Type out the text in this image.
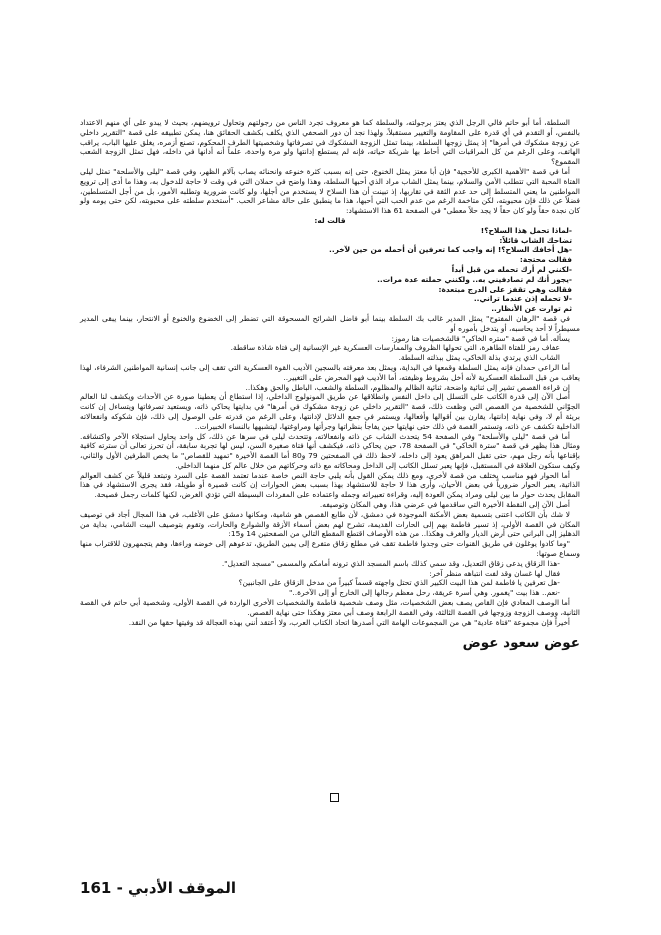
السلطة، أما أبو حاتم فالي الرجل الذي يعتز برجولته، والسلطة كما هو معروف تجرد الناس من رجولتهم وتحاول ترويضهم، بحيث لا يبدو على أي منهم الاعتداد بالنفس، أو التقدم في أي قدرة على المقاومة والتغيير مستقبلاً، ولهذا نجد أن دور الصحفي الذي يكلف بكشف الحقائق هنا، يمكن تطبيقه على قصة "التقرير داخلي عن زوجة مشكوك في أمرها" إذ يمثل زوجها السلطة، بينما تمثل الزوجة المشكوك في تصرفاتها وشخصيتها الطرف المحكوم، تصنع أزمره، يغلق عليها الباب، يراقب الهاتف، وعلى الرغم من كل المراقبات التي أحاط بها شريكة حياته، فإنه لم يستطع إدانتها ولو مرة واحدة، علماً أنه أدانها في داخله، فهل تمثل الزوجة الشعب المقموع؟

أما في قصة "الأهمية الكبرى للأحجية" فإن أبا معتز يمثل الخنوع، حتى إنه بسبب كثرة خنوعه وانحنائه يصاب بآلام الظهر، وفي قصة "ليلى والأسلحة" تمثل ليلى الفتاة المحبة التي تتطلب الأمن والسلام، بينما يمثل الشاب مراد الذي أحبها السلطة، وهذا واضح في حملان التي في وقت لا حاجة للدخول به، وهذا ما أدى إلى ترويع المواطنين ما يعني المتسلط إلى حد عدم الثقة في تقاربها، إذ تبينت أن هذا السلاح لا يستخدم من أجلها، ولو كانت ضرورية وتطلبه الأمور، بل من أجل المتسلطين، فضلاً عن ذلك فإن محبوبته، لكن متاخمة الرغم من عدم الحب التي أحبها، هذا ما ينطبق على حالة مشاعر الحب. "أستخدم سلطته على محبوبته، لكن حتى يومه ولو كان نجدة حقاً ولو كان حقاً لا يجد حلاً معطى" في الصفحة 61 هذا الاستشهاد:

قالت له:

-لماذا تحمل هذا السلاح؟!

تضاحك الشاب قائلاً:

-هل أخافك السلاح؟! إنه واجب كما تعرفين أن أحمله من حين لآخر..

فقالت محتجة:

-لكنني لم أرك تحمله من قبل أبداً

-يجوز أنك لم تصادفيني به.. ولكنني حملته عدة مرات..

فقالت وهي تقفز على الدرج مبتعدة:

-لا تحمله إذن عندما تراني..

ثم توارت عن الأنظار..

في قصة "الرهان المفتوح" يمثل المدير غالب بك السلطة بينما أبو فاضل الشرائح المسحوقة التي تضطر إلى الخضوع والخنوع أو الانتحار، بينما يبقى المدير مسيطراً لا أحد يحاسبه، أو يتدخل بأموره أو

يسأله. أما في قصة "ستره الخاكي" فالشخصيات هنا رموز:

عفاف رمز للفتاة الطاهرة، التي تحولها الظروف والممارسات العسكرية غير الإنسانية إلى فتاة شاذة ساقطة.

الشاب الذي يرتدي بذلة الخاكي، يمثل ببذلته السلطة.

أما الراعي حمدان فإنه يمثل السلطة وقمعها في البداية، ويمثل بعد معرفته بالسجين الأديب القوة العسكرية التي تقف إلى جانب إنسانية المواطنين الشرفاء، لهذا يعاقب من قبل السلطة العسكرية لأنه أخل بشروط وظيفته، أما الأديب فهو المحرض على التغيير..

إن قراءة القصص تشير إلى ثنائية واضحة، ثنائية الظالم والمظلوم، السلطة والشعب، الباطل والحق وهكذا..

أصل الآن إلى قدرة الكاتب على التسلل إلى داخل النفس وانطلاقها عن طريق المونولوج الداخلي، إذا استطاع أن يعطينا صورة عن الأحداث ويكشف لنا العالم الجوّاني للشخصية من القصص التي وظفت ذلك، قصة "التقرير داخلي عن زوجة مشكوك في أمرها" في بدايتها يحاكي ذاته، ويستعيد تصرفاتها ويتساءل إن كانت بريئة أم لا، وفي نهاية إدانتها، يقارن بين أقوالها وأفعالها، ويستمر في جمع الدلائل لإدانتها، وعلى الرغم من قدرته على الوصول إلى ذلك، فإن شكوكه وانفعالاته الداخلية تكشف عن ذاته، وتستمر القصة في ذلك حتى نهايتها حين يفاجأ بنظراتها وجرأتها ومراوغتها، ليتشبهها بالنساء الخبيرات..

أما في قصة "ليلى والأسلحة" وفي الصفحة 54 يتحدث الشاب عن ذاته وانفعالاته، وتتحدث ليلى في سرها عن ذلك، كل واحد يحاول استجلاء الآخر واكتشافه. ومثال هذا يظهر في قصة "سترة الخاكي" في الصفحة 78، حين يحاكي ذاته، فيكشف أنها فتاة صغيرة السن، ليس لها تجربة سابقة، أن تحرز تعالى أن سترته كافية بإقناعها بأنه رجل مهم، حتى تقبل المراهق يعود إلى داخله، لاحظ ذلك في الصفحتين 79 و80 أما القصة الأخيرة "تمهيد للقصاص" ما يخص الطرفين الأول والثاني، وكيف ستكون العلاقة في المستقبل، فإنها يعبر تسلل الكاتب إلى الداخل ومحاكاته مع ذاته وحركاتهم من خلال عالم كل منهما الداخلي.

أما الحوار فهو مناسب يختلف من قصة لأخرى، ومع ذلك يمكن القول بأنه يلبي حاجة النص خاصة عندما تعتمد القصة على السرد وتبتعد قليلاً عن كشف العوالم الذاتية، يعبر الحوار ضرورياً في بعض الأحيان، وأرى هذا لا حاجة للاستشهاد بهذا بسبب بعض الحوارات إن كانت قصيرة أو طويلة، فقد يجرى الاستشهاد في هذا المقابل يحدث حوار ما بين ليلى ومراد يمكن العودة إليه، وقراءة تعبيراته وجمله واعتماده على المفردات البسيطة التي تؤدي الغرض، لكنها كلمات رجمل فصيحة.

أصل الآن إلى النقطة الأخيرة التي ساقدمها في عرضي هذا، وهي المكان وتوصيفه.

لا شك بأن الكاتب اعتنى بتسمية بعض الأمكنة الموجودة في دمشق، لأن طابع القصص هو شامية، ومكانها دمشق على الأغلب، في هذا المجال أجاد في توصيف المكان في القصة الأولى، إذ تسير فاطمة بهم إلى الحارات القديمة، تشرح لهم بعض أسماء الأزقة والشوارع والحارات، وتقوم بتوصيف البيت الشامي، بداية من الدهليز إلى البراني حتى أرض الديار والغرف وهكذا.. من هذه الأوصاف اقتطع المقطع التالي من الصفحتين 14 و15:

"وما كادوا يوغلون في طريق القنوات حتى وجدوا فاطمة تقف في مطلع زقاق متفرع إلى يمين الطريق، تدعوهم إلى خوضه وراءها، وهم يتجمهرون للاقتراب منها وسماع صوتها:

-هذا الزقاق يدعى زقاق التعديل، وقد سمي كذلك باسم المسجد الذي ترونه أمامكم والمسمى "مسجد التعديل".

فقال لها غسان وقد لفت انتباهه منظر آخر:

-هل تعرفين يا فاطمة لمن هذا البيت الكبير الذي تحتل واجهته قسماً كبيراً من مدخل الزقاق على الجانبين؟

-نعم.. هذا بيت "يغمور. وهي أسرة عريقة، رحل معظم رجالها إلى الخارج أو إلى الآخرة.."

أما الوصف المعادي فإن القاص يصف بعض الشخصيات، مثل وصف شخصية فاطمة والشخصيات الأخرى الواردة في القصة الأولى، وشخصية أبي حاتم في القصة الثانية، ووصف الزوجة وزوجها في القصة الثالثة، وفي القصة الرابعة وصف أبي معتز وهكذا حتى نهاية القصص.

أخيراً فإن مجموعة "فتاة عادية" هي من المجموعات الهامة التي أصدرها اتحاد الكتاب العرب، ولا أعتقد أنني بهذه العجالة قد وفيتها حقها من النقد.

عوض سعود عوض

الموقف الأدبي - 161
